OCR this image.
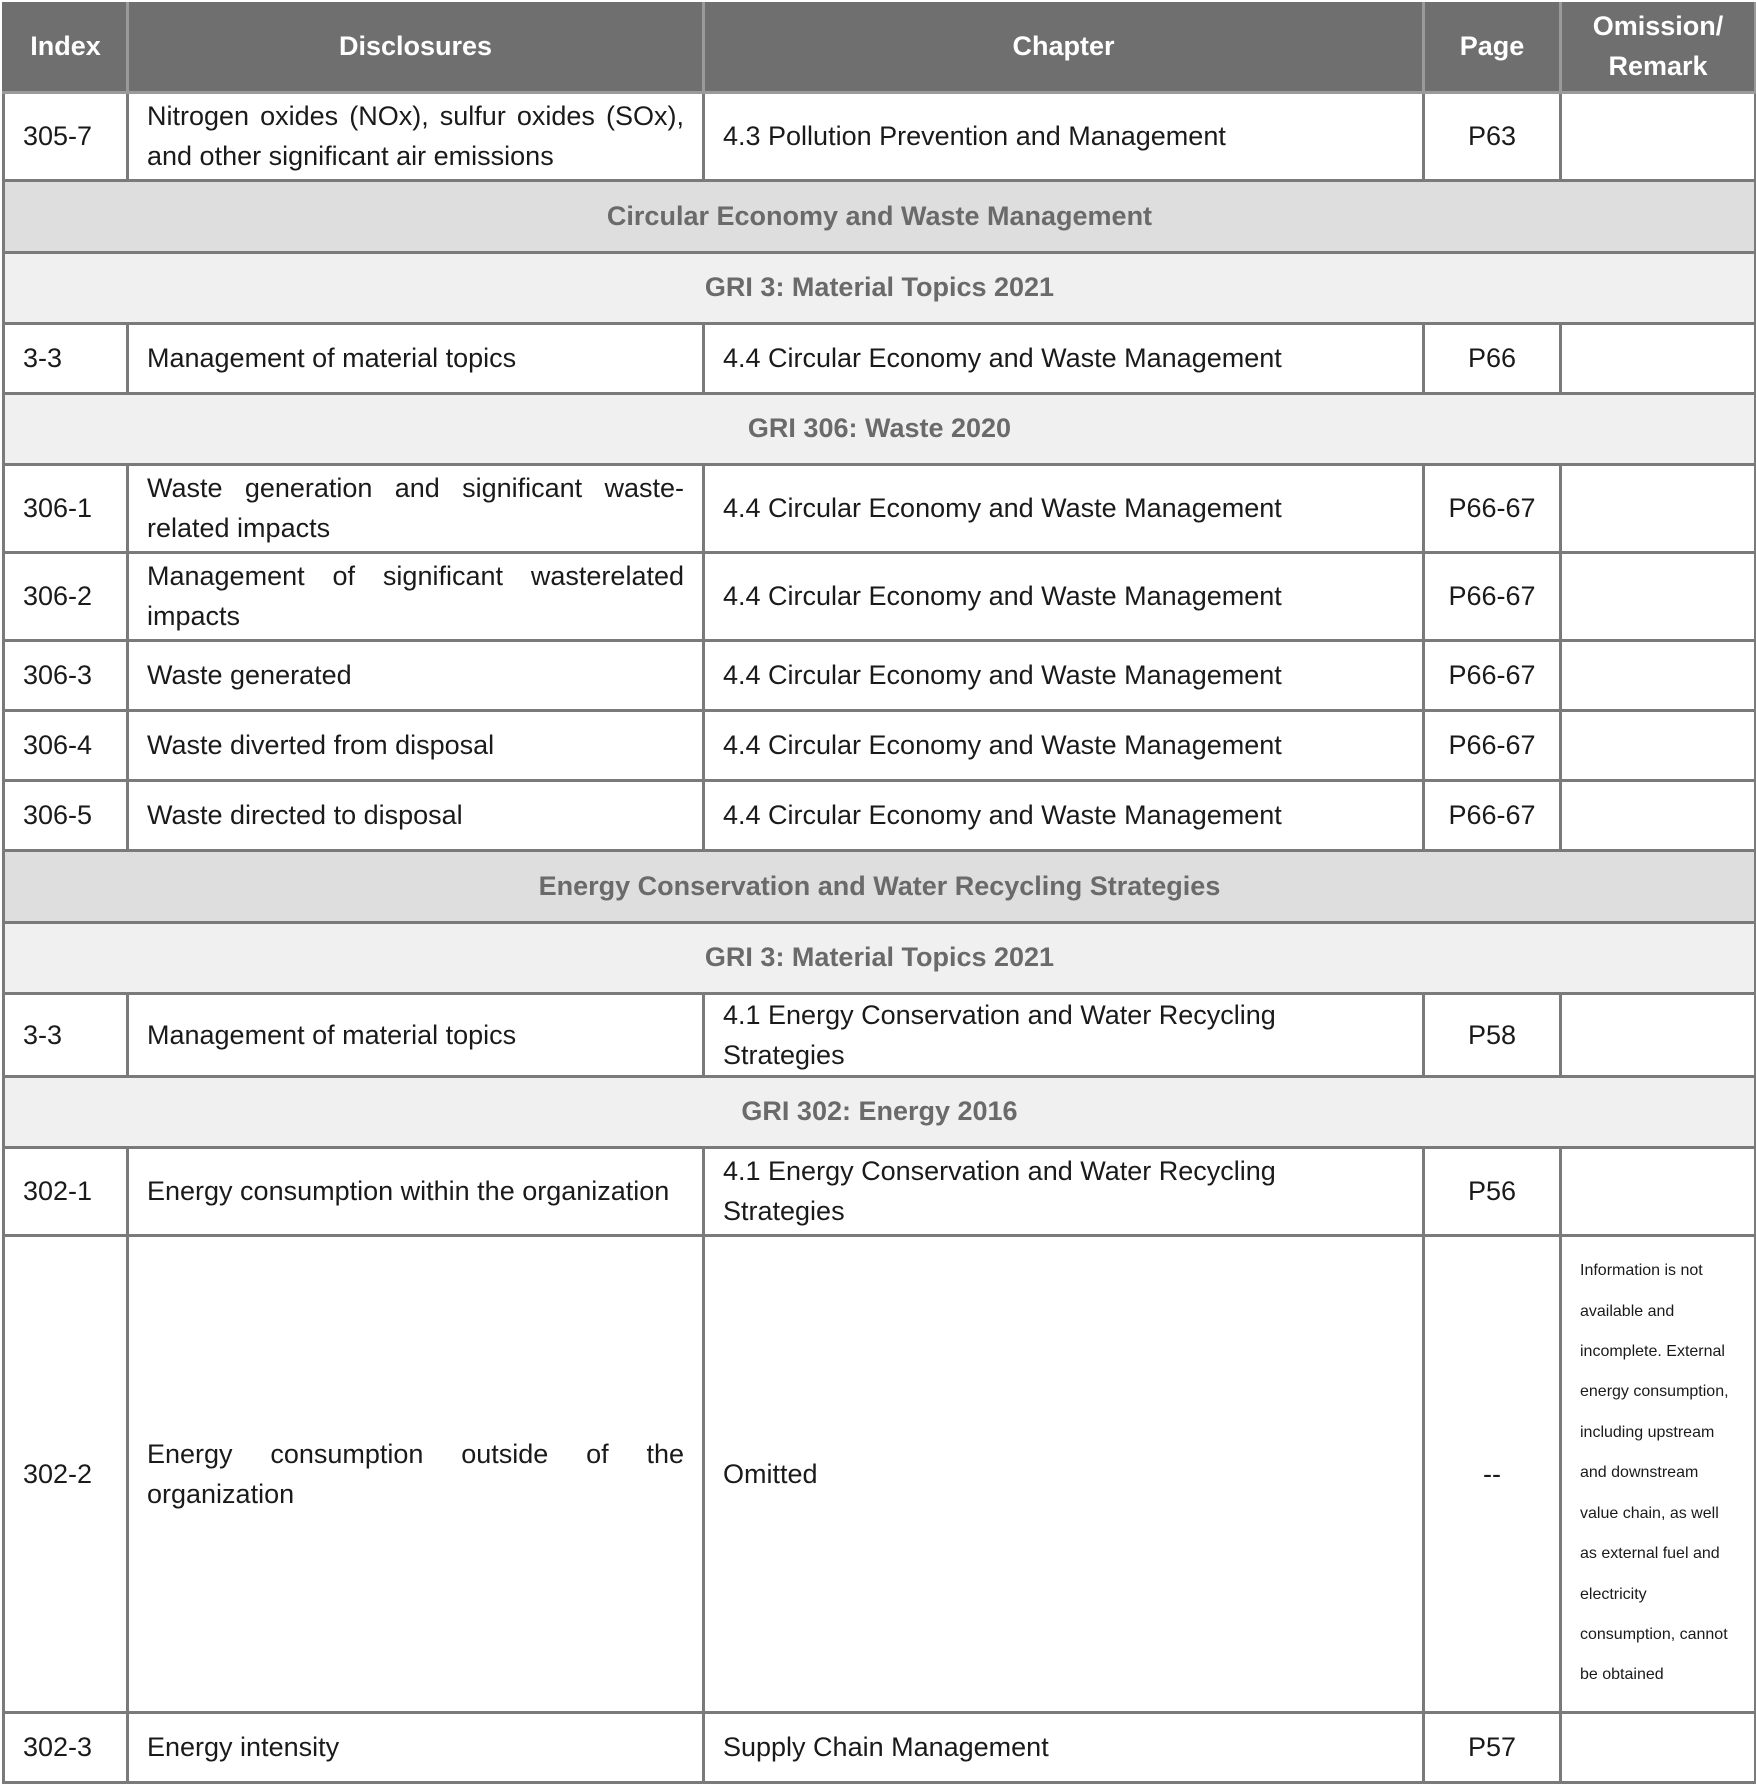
Index	Disclosures	Chapter	Page	Omission/
Remark
305-7	Nitrogen oxides (NOx), sulfur oxides (SOx), and other significant air emissions	4.3 Pollution Prevention and Management	P63	
Circular Economy and Waste Management				
GRI 3: Material Topics 2021				
3-3	Management of material topics	4.4 Circular Economy and Waste Management	P66	
GRI 306: Waste 2020				
306-1	Waste generation and significant waste-related impacts	4.4 Circular Economy and Waste Management	P66-67	
306-2	Management of significant wasterelated impacts	4.4 Circular Economy and Waste Management	P66-67	
306-3	Waste generated	4.4 Circular Economy and Waste Management	P66-67	
306-4	Waste diverted from disposal	4.4 Circular Economy and Waste Management	P66-67	
306-5	Waste directed to disposal	4.4 Circular Economy and Waste Management	P66-67	
Energy Conservation and Water Recycling Strategies				
GRI 3: Material Topics 2021				
3-3	Management of material topics	4.1 Energy Conservation and Water Recycling Strategies	P58	
GRI 302: Energy 2016				
302-1	Energy consumption within the organization	4.1 Energy Conservation and Water Recycling Strategies	P56	
302-2	Energy consumption outside of the organization	Omitted	--	Information is not available and incomplete. External energy consumption, including upstream and downstream value chain, as well as external fuel and electricity consumption, cannot be obtained
302-3	Energy intensity	Supply Chain Management	P57	
